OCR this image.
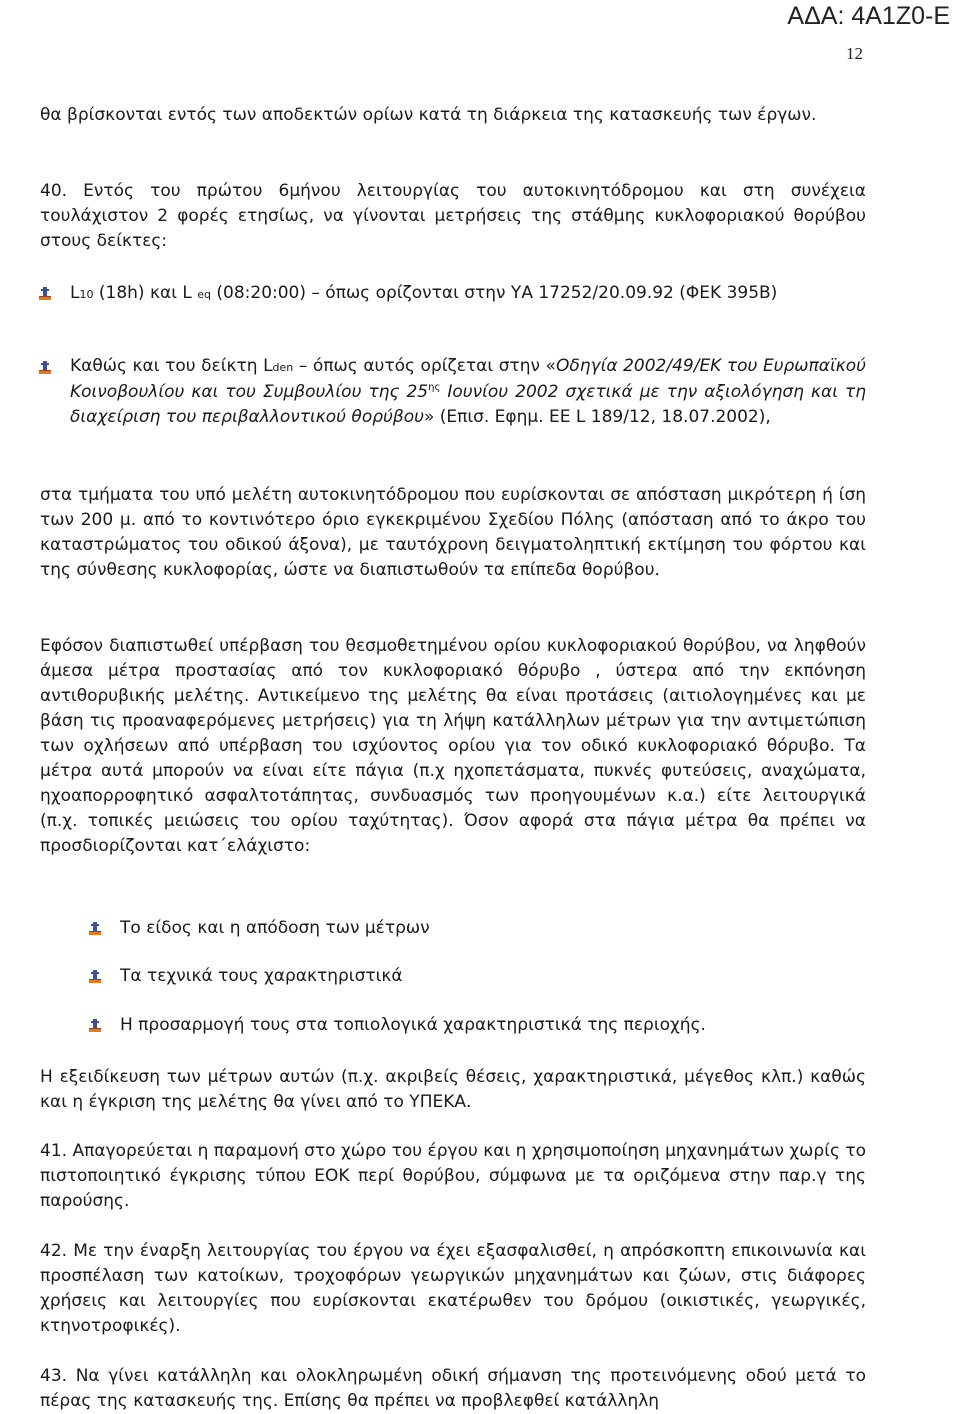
ΑΔΑ: 4Α1Ζ0-Ε
12
θα βρίσκονται εντός των αποδεκτών ορίων κατά τη διάρκεια της κατασκευής των έργων.
40. Εντός του πρώτου 6μήνου λειτουργίας του αυτοκινητόδρομου και στη συνέχεια τουλάχιστον 2 φορές ετησίως, να γίνονται μετρήσεις της στάθμης κυκλοφοριακού θορύβου στους δείκτες:
L10 (18h) και L eq (08:20:00) – όπως ορίζονται στην ΥΑ 17252/20.09.92 (ΦΕΚ 395Β)
Καθώς και του δείκτη Lden – όπως αυτός ορίζεται στην «Οδηγία 2002/49/ΕΚ του Ευρωπαϊκού Κοινοβουλίου και του Συμβουλίου της $25^{\eta\varsigma}$ Ιουνίου 2002 σχετικά με την αξιολόγηση και τη διαχείριση του περιβαλλοντικού θορύβου» (Επισ. Εφημ. ΕΕ L 189/12, 18.07.2002),
στα τμήματα του υπό μελέτη αυτοκινητόδρομου που ευρίσκονται σε απόσταση μικρότερη ή ίση των 200 μ. από το κοντινότερο όριο εγκεκριμένου Σχεδίου Πόλης (απόσταση από το άκρο του καταστρώματος του οδικού άξονα), με ταυτόχρονη δειγματοληπτική εκτίμηση του φόρτου και της σύνθεσης κυκλοφορίας, ώστε να διαπιστωθούν τα επίπεδα θορύβου.
Εφόσον διαπιστωθεί υπέρβαση του θεσμοθετημένου ορίου κυκλοφοριακού θορύβου, να ληφθούν άμεσα μέτρα προστασίας από τον κυκλοφοριακό θόρυβο , ύστερα από την εκπόνηση αντιθορυβικής μελέτης. Αντικείμενο της μελέτης θα είναι προτάσεις (αιτιολογημένες και με βάση τις προαναφερόμενες μετρήσεις) για τη λήψη κατάλληλων μέτρων για την αντιμετώπιση των οχλήσεων από υπέρβαση του ισχύοντος ορίου για τον οδικό κυκλοφοριακό θόρυβο. Τα μέτρα αυτά μπορούν να είναι είτε πάγια (π.χ ηχοπετάσματα, πυκνές φυτεύσεις, αναχώματα, ηχοαπορροφητικό ασφαλτοτάπητας, συνδυασμός των προηγουμένων κ.α.) είτε λειτουργικά (π.χ. τοπικές μειώσεις του ορίου ταχύτητας). Όσον αφορά στα πάγια μέτρα θα πρέπει να προσδιορίζονται κατ΄ελάχιστο:
Το είδος και η απόδοση των μέτρων
Τα τεχνικά τους χαρακτηριστικά
Η προσαρμογή τους στα τοπιολογικά χαρακτηριστικά της περιοχής.
Η εξειδίκευση των μέτρων αυτών (π.χ. ακριβείς θέσεις, χαρακτηριστικά, μέγεθος κλπ.) καθώς και η έγκριση της μελέτης θα γίνει από το ΥΠΕΚΑ.
41. Απαγορεύεται η παραμονή στο χώρο του έργου και η χρησιμοποίηση μηχανημάτων χωρίς το πιστοποιητικό έγκρισης τύπου ΕΟΚ περί θορύβου, σύμφωνα με τα οριζόμενα στην παρ.γ της παρούσης.
42. Με την έναρξη λειτουργίας του έργου να έχει εξασφαλισθεί, η απρόσκοπτη επικοινωνία και προσπέλαση των κατοίκων, τροχοφόρων γεωργικών μηχανημάτων και ζώων, στις διάφορες χρήσεις και λειτουργίες που ευρίσκονται εκατέρωθεν του δρόμου (οικιστικές, γεωργικές, κτηνοτροφικές).
43. Να γίνει κατάλληλη και ολοκληρωμένη οδική σήμανση της προτεινόμενης οδού μετά το πέρας της κατασκευής της. Επίσης θα πρέπει να προβλεφθεί κατάλληλη
